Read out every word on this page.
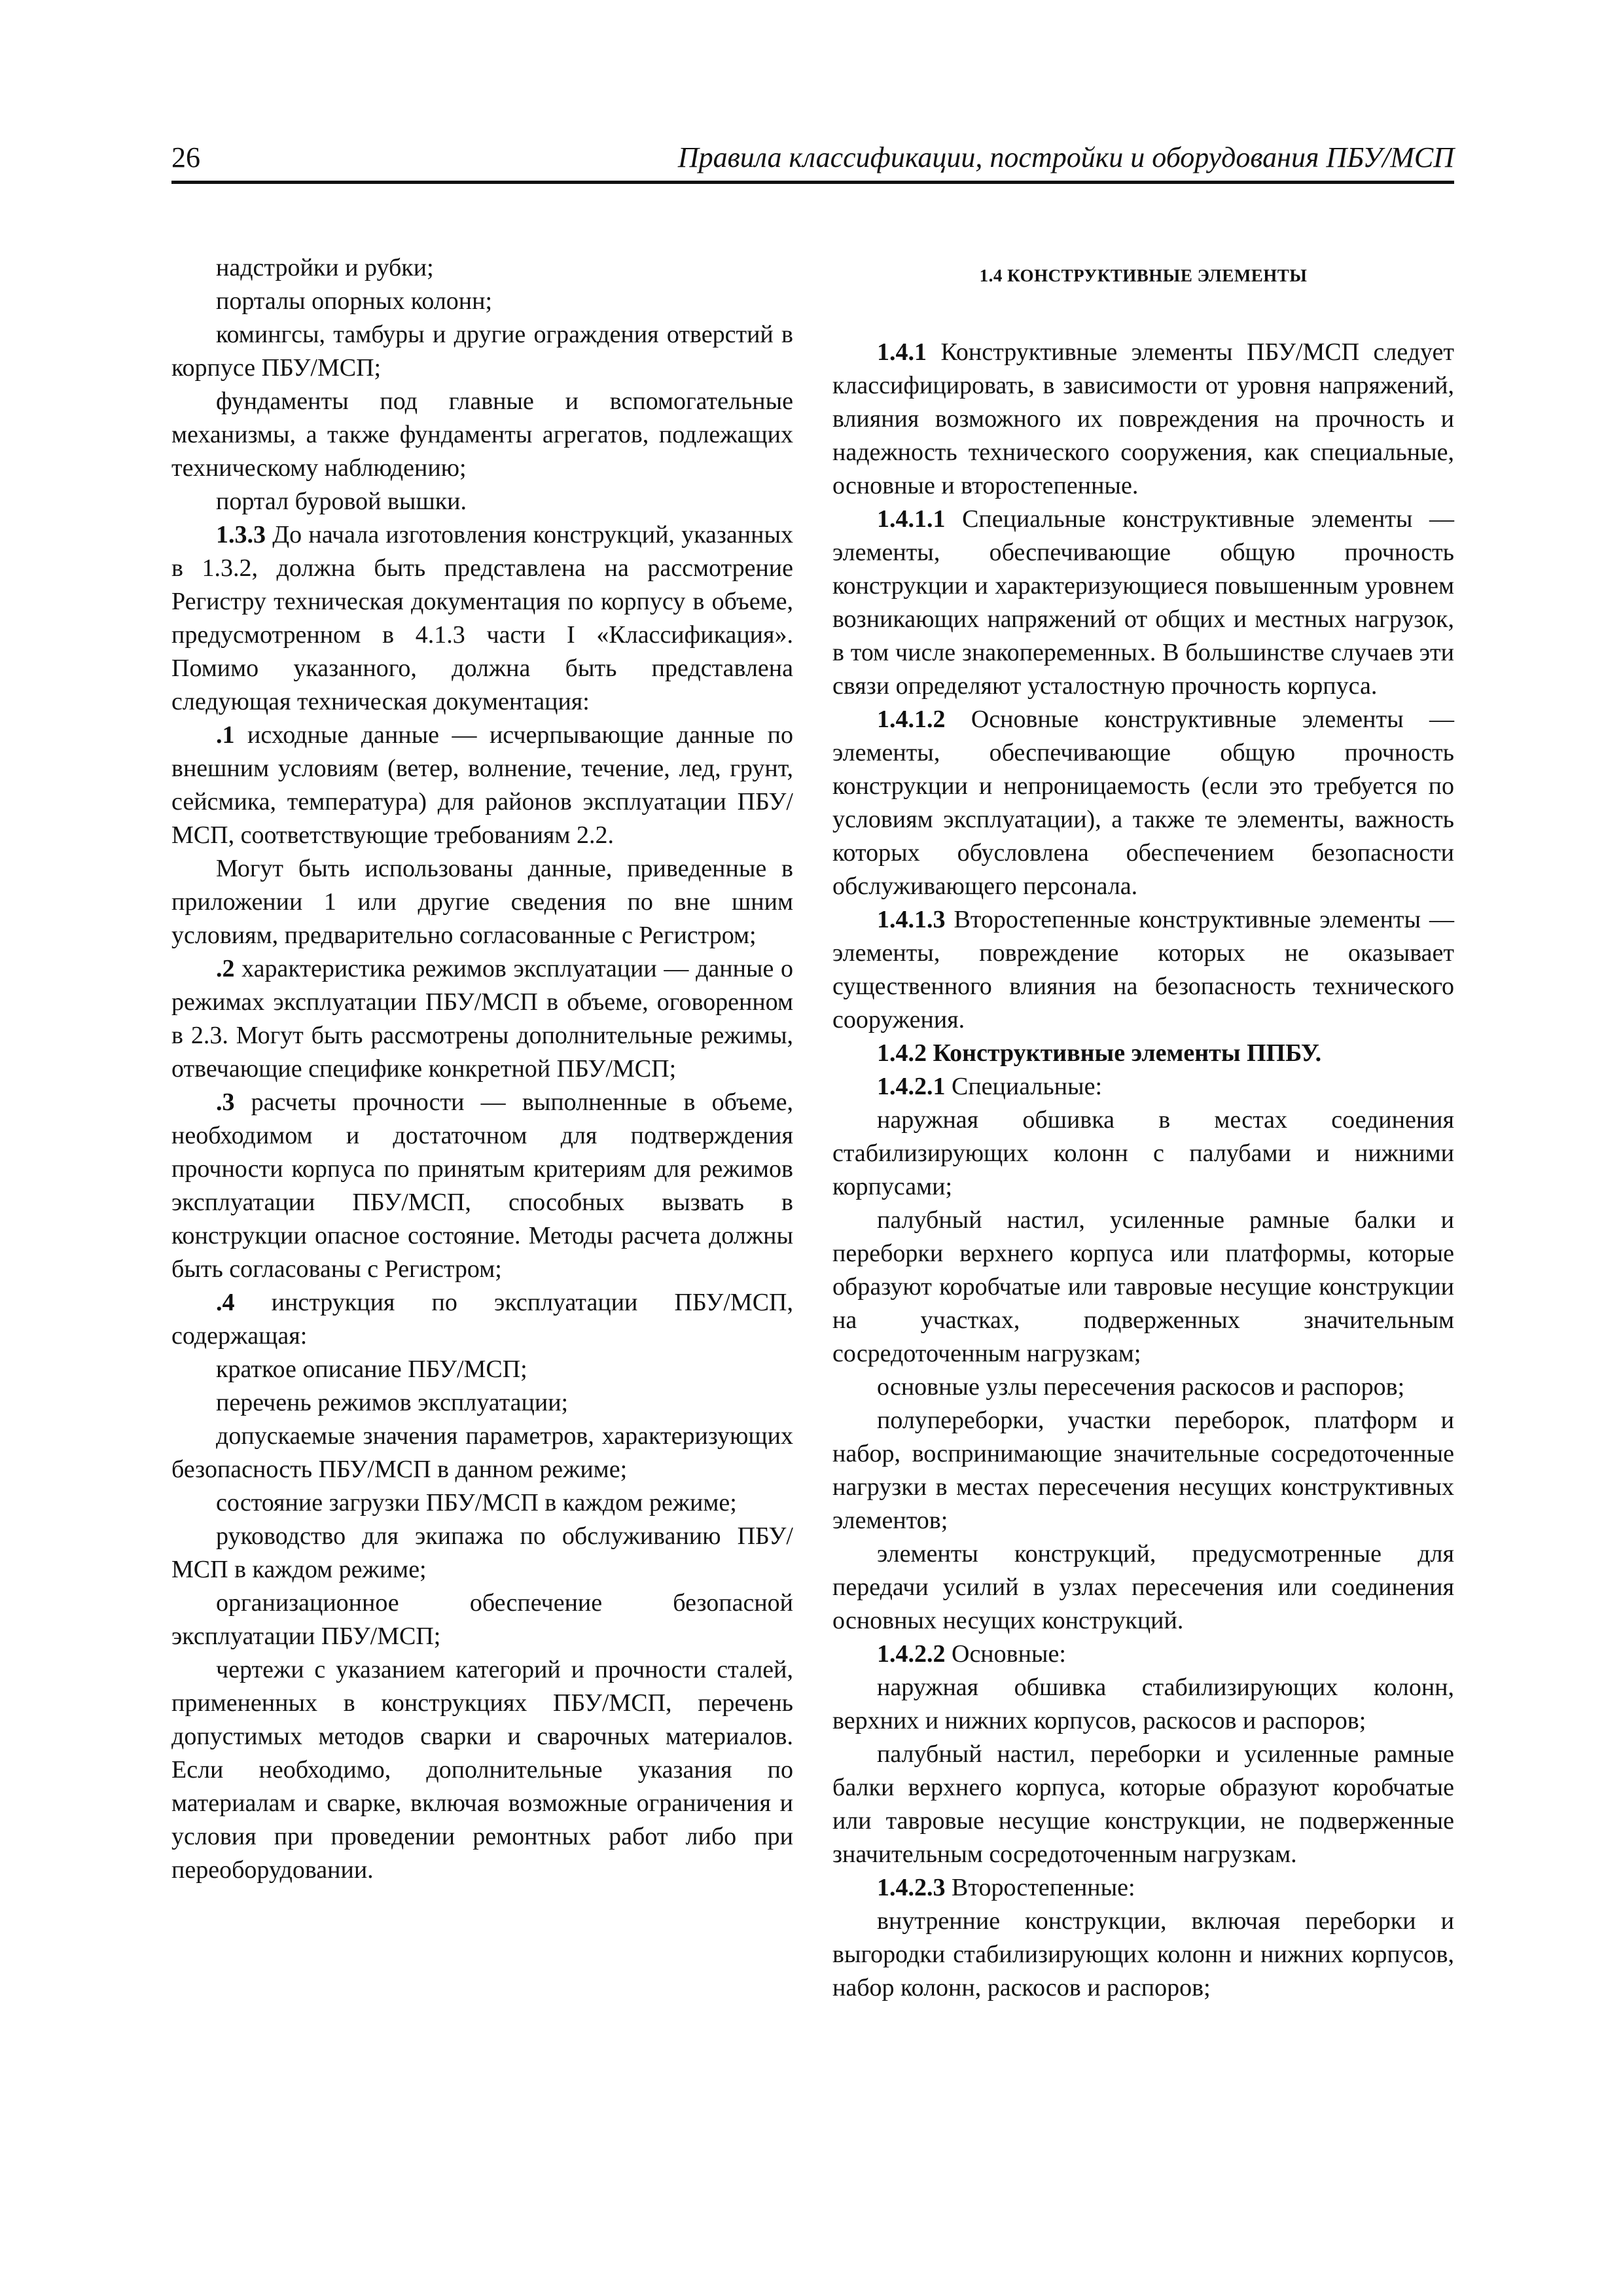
26	Правила классификации, постройки и оборудования ПБУ/МСП

надстройки и рубки;

порталы опорных колонн;

комингсы, тамбуры и другие ограждения отверстий в корпусе ПБУ/МСП;

фундаменты под главные и вспомогательные механизмы, а также фундаменты агрегатов, подлежащих техническому наблюдению;

портал буровой вышки.

1.3.3 До начала изготовления конструкций, указанных в 1.3.2, должна быть представлена на рассмотрение Регистру техническая документация по корпусу в объеме, предусмотренном в 4.1.3 части I «Классификация». Помимо указанного, должна быть представлена следующая техническая документация:

.1 исходные данные — исчерпывающие данные по внешним условиям (ветер, волнение, течение, лед, грунт, сейсмика, температура) для районов эксплуатации ПБУ/МСП, соответствующие требованиям 2.2.

Могут быть использованы данные, приведенные в приложении 1 или другие сведения по вне шним условиям, предварительно согласованные с Регистром;

.2 характеристика режимов эксплуатации — данные о режимах эксплуатации ПБУ/МСП в объеме, оговоренном в 2.3. Могут быть рассмотрены дополнительные режимы, отвечающие специфике конкретной ПБУ/МСП;

.3 расчеты прочности — выполненные в объеме, необходимом и достаточном для подтверждения прочности корпуса по принятым критериям для режимов эксплуатации ПБУ/МСП, способных вызвать в конструкции опасное состояние. Методы расчета должны быть согласованы с Регистром;

.4 инструкция по эксплуатации ПБУ/МСП, содержащая:

краткое описание ПБУ/МСП;

перечень режимов эксплуатации;

допускаемые значения параметров, характеризующих безопасность ПБУ/МСП в данном режиме;

состояние загрузки ПБУ/МСП в каждом режиме;

руководство для экипажа по обслуживанию ПБУ/МСП в каждом режиме;

организационное обеспечение безопасной эксплуатации ПБУ/МСП;

чертежи с указанием категорий и прочности сталей, примененных в конструкциях ПБУ/МСП, перечень допустимых методов сварки и сварочных материалов. Если необходимо, дополнительные указания по материалам и сварке, включая возможные ограничения и условия при проведении ремонтных работ либо при переоборудовании.

1.4 КОНСТРУКТИВНЫЕ ЭЛЕМЕНТЫ

1.4.1 Конструктивные элементы ПБУ/МСП следует классифицировать, в зависимости от уровня напряжений, влияния возможного их повреждения на прочность и надежность технического сооружения, как специальные, основные и второстепенные.

1.4.1.1 Специальные конструктивные элементы — элементы, обеспечивающие общую прочность конструкции и характеризующиеся повышенным уровнем возникающих напряжений от общих и местных нагрузок, в том числе знакопеременных. В большинстве случаев эти связи определяют усталостную прочность корпуса.

1.4.1.2 Основные конструктивные элементы — элементы, обеспечивающие общую прочность конструкции и непроницаемость (если это требуется по условиям эксплуатации), а также те элементы, важность которых обусловлена обеспечением безопасности обслуживающего персонала.

1.4.1.3 Второстепенные конструктивные элементы — элементы, повреждение которых не оказывает существенного влияния на безопасность технического сооружения.

1.4.2 Конструктивные элементы ППБУ.

1.4.2.1 Специальные:

наружная обшивка в местах соединения стабилизирующих колонн с палубами и нижними корпусами;

палубный настил, усиленные рамные балки и переборки верхнего корпуса или платформы, которые образуют коробчатые или тавровые несущие конструкции на участках, подверженных значительным сосредоточенным нагрузкам;

основные узлы пересечения раскосов и распоров;

полупереборки, участки переборок, платформ и набор, воспринимающие значительные сосредоточенные нагрузки в местах пересечения несущих конструктивных элементов;

элементы конструкций, предусмотренные для передачи усилий в узлах пересечения или соединения основных несущих конструкций.

1.4.2.2 Основные:

наружная обшивка стабилизирующих колонн, верхних и нижних корпусов, раскосов и распоров;

палубный настил, переборки и усиленные рамные балки верхнего корпуса, которые образуют коробчатые или тавровые несущие конструкции, не подверженные значительным сосредоточенным нагрузкам.

1.4.2.3 Второстепенные:

внутренние конструкции, включая переборки и выгородки стабилизирующих колонн и нижних корпусов, набор колонн, раскосов и распоров;
